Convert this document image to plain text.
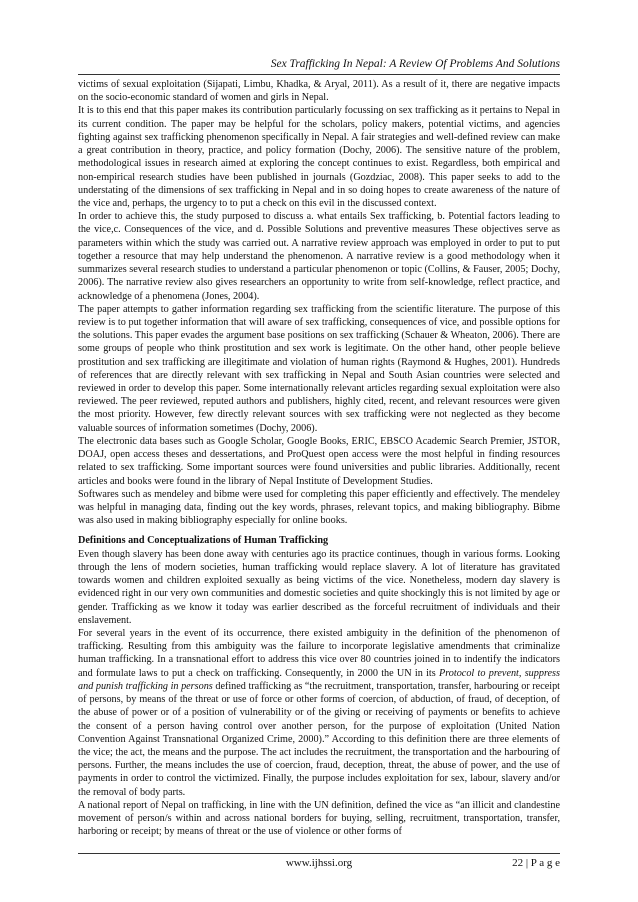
Sex Trafficking In Nepal: A Review Of Problems And Solutions

victims of sexual exploitation (Sijapati, Limbu, Khadka, & Aryal, 2011). As a result of it, there are negative impacts on the socio-economic standard of women and girls in Nepal.

It is to this end that this paper makes its contribution particularly focussing on sex trafficking as it pertains to Nepal in its current condition. The paper may be helpful for the scholars, policy makers, potential victims, and agencies fighting against sex trafficking phenomenon specifically in Nepal. A fair strategies and well-defined review can make a great contribution in theory, practice, and policy formation (Dochy, 2006). The sensitive nature of the problem, methodological issues in research aimed at exploring the concept continues to exist. Regardless, both empirical and non-empirical research studies have been published in journals (Gozdziac, 2008). This paper seeks to add to the understating of the dimensions of sex trafficking in Nepal and in so doing hopes to create awareness of the nature of the vice and, perhaps, the urgency to to put a check on this evil in the discussed context.

In order to achieve this, the study purposed to discuss a. what entails Sex trafficking, b. Potential factors leading to the vice,c. Consequences of the vice, and d. Possible Solutions and preventive measures These objectives serve as parameters within which the study was carried out. A narrative review approach was employed in order to put to put together a resource that may help understand the phenomenon. A narrative review is a good methodology when it summarizes several research studies to understand a particular phenomenon or topic (Collins, & Fauser, 2005; Dochy, 2006). The narrative review also gives researchers an opportunity to write from self-knowledge, reflect practice, and acknowledge of a phenomena (Jones, 2004).

The paper attempts to gather information regarding sex trafficking from the scientific literature. The purpose of this review is to put together information that will aware of sex trafficking, consequences of vice, and possible options for the solutions. This paper evades the argument base positions on sex trafficking (Schauer & Wheaton, 2006). There are some groups of people who think prostitution and sex work is legitimate. On the other hand, other people believe prostitution and sex trafficking are illegitimate and violation of human rights (Raymond & Hughes, 2001). Hundreds of references that are directly relevant with sex trafficking in Nepal and South Asian countries were selected and reviewed in order to develop this paper. Some internationally relevant articles regarding sexual exploitation were also reviewed. The peer reviewed, reputed authors and publishers, highly cited, recent, and relevant resources were given the most priority. However, few directly relevant sources with sex trafficking were not neglected as they become valuable sources of information sometimes (Dochy, 2006).

The electronic data bases such as Google Scholar, Google Books, ERIC, EBSCO Academic Search Premier, JSTOR, DOAJ, open access theses and dessertations, and ProQuest open access were the most helpful in finding resources related to sex trafficking. Some important sources were found universities and public libraries. Additionally, recent articles and books were found in the library of Nepal Institute of Development Studies.

Softwares such as mendeley and bibme were used for completing this paper efficiently and effectively. The mendeley was helpful in managing data, finding out the key words, phrases, relevant topics, and making bibliography. Bibme was also used in making bibliography especially for online books.

Definitions and Conceptualizations of Human Trafficking

Even though slavery has been done away with centuries ago its practice continues, though in various forms. Looking through the lens of modern societies, human trafficking would replace slavery. A lot of literature has gravitated towards women and children exploited sexually as being victims of the vice. Nonetheless, modern day slavery is evidenced right in our very own communities and domestic societies and quite shockingly this is not limited by age or gender. Trafficking as we know it today was earlier described as the forceful recruitment of individuals and their enslavement.

For several years in the event of its occurrence, there existed ambiguity in the definition of the phenomenon of trafficking. Resulting from this ambiguity was the failure to incorporate legislative amendments that criminalize human trafficking. In a transnational effort to address this vice over 80 countries joined in to indentify the indicators and formulate laws to put a check on trafficking. Consequently, in 2000 the UN in its Protocol to prevent, suppress and punish trafficking in persons defined trafficking as “the recruitment, transportation, transfer, harbouring or receipt of persons, by means of the threat or use of force or other forms of coercion, of abduction, of fraud, of deception, of the abuse of power or of a position of vulnerability or of the giving or receiving of payments or benefits to achieve the consent of a person having control over another person, for the purpose of exploitation (United Nation Convention Against Transnational Organized Crime, 2000).” According to this definition there are three elements of the vice; the act, the means and the purpose. The act includes the recruitment, the transportation and the harbouring of persons. Further, the means includes the use of coercion, fraud, deception, threat, the abuse of power, and the use of payments in order to control the victimized. Finally, the purpose includes exploitation for sex, labour, slavery and/or the removal of body parts.

A national report of Nepal on trafficking, in line with the UN definition, defined the vice as “an illicit and clandestine movement of person/s within and across national borders for buying, selling, recruitment, transportation, transfer, harboring or receipt; by means of threat or the use of violence or other forms of

www.ijhssi.org	22 | P a g e
